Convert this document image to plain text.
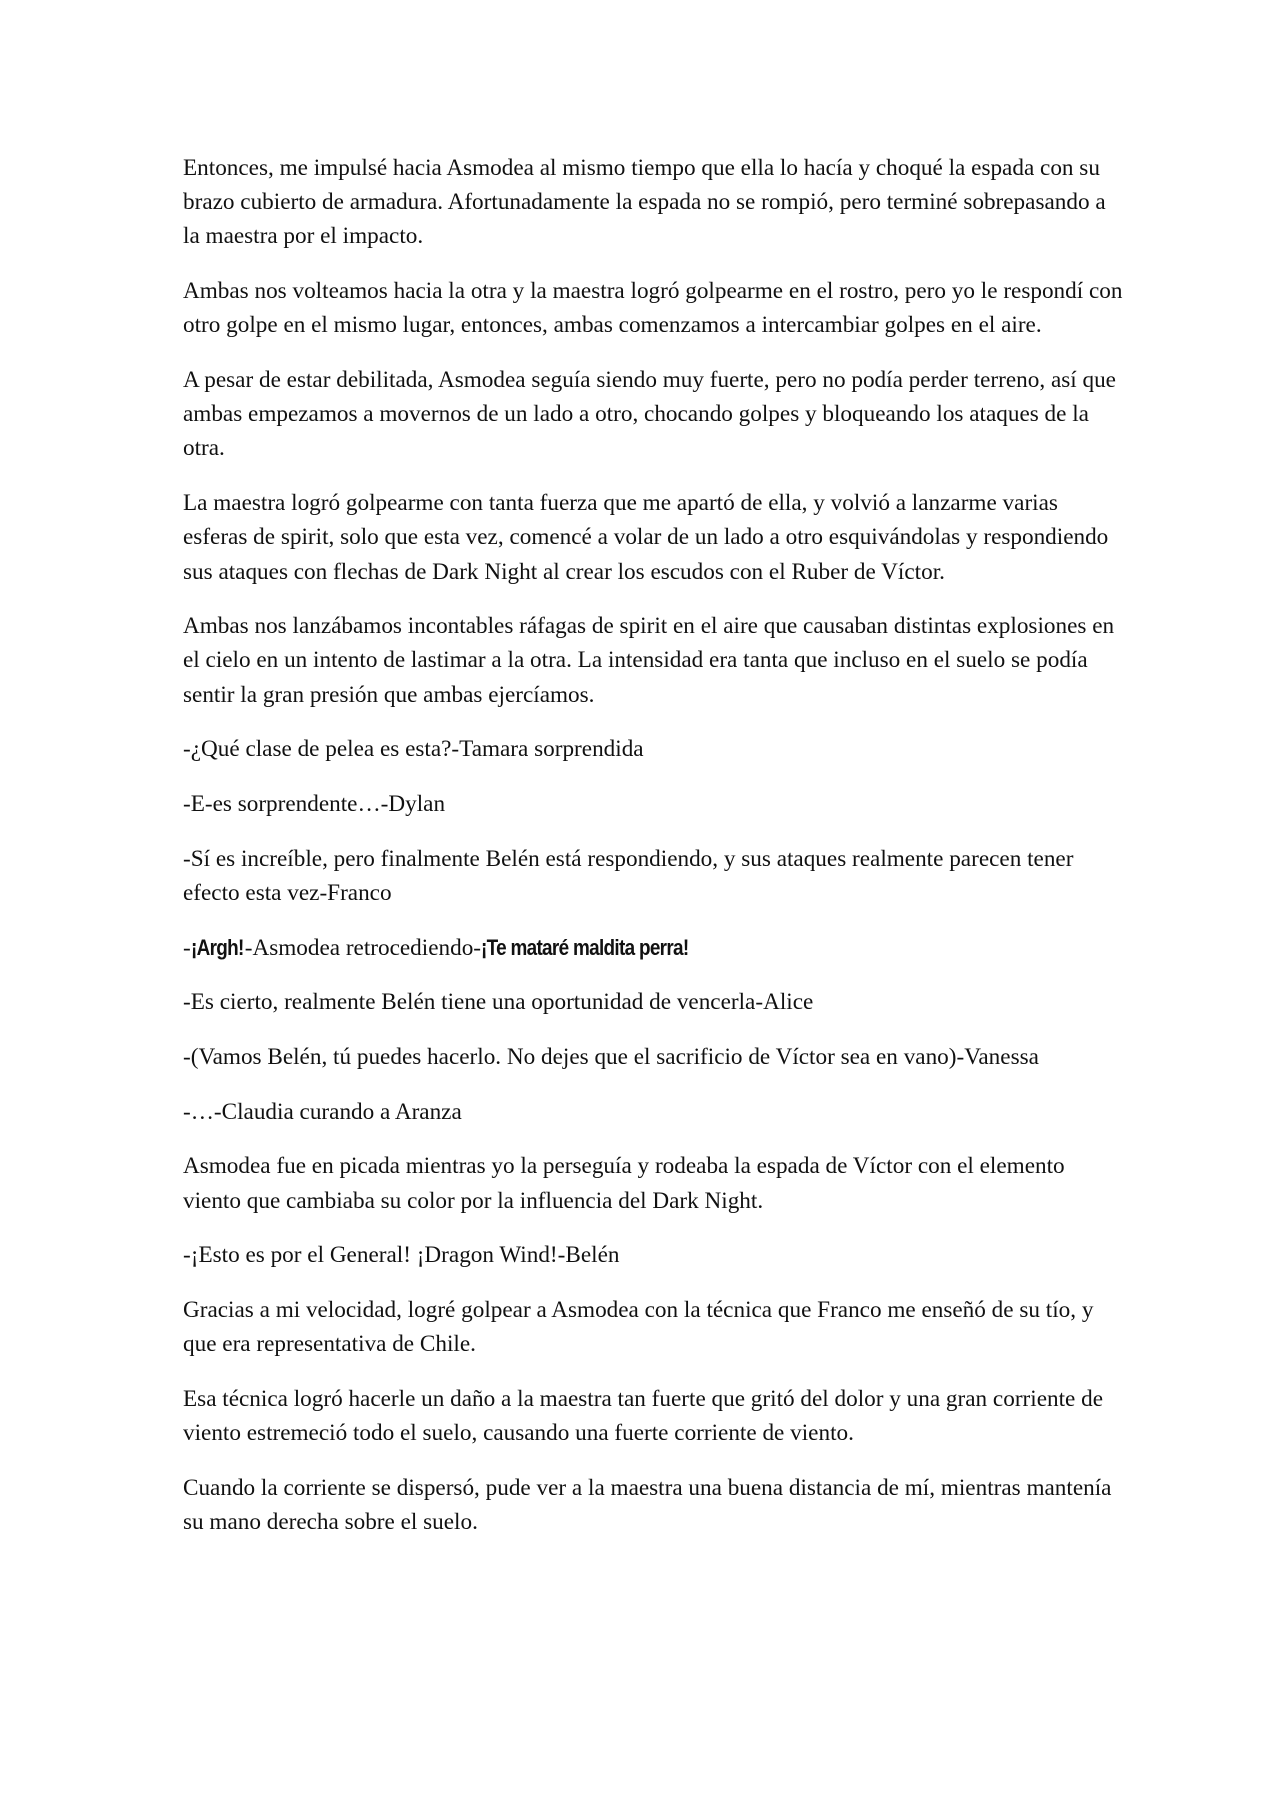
Entonces, me impulsé hacia Asmodea al mismo tiempo que ella lo hacía y choqué la espada con su brazo cubierto de armadura. Afortunadamente la espada no se rompió, pero terminé sobrepasando a la maestra por el impacto.

Ambas nos volteamos hacia la otra y la maestra logró golpearme en el rostro, pero yo le respondí con otro golpe en el mismo lugar, entonces, ambas comenzamos a intercambiar golpes en el aire.

A pesar de estar debilitada, Asmodea seguía siendo muy fuerte, pero no podía perder terreno, así que ambas empezamos a movernos de un lado a otro, chocando golpes y bloqueando los ataques de la otra.

La maestra logró golpearme con tanta fuerza que me apartó de ella, y volvió a lanzarme varias esferas de spirit, solo que esta vez, comencé a volar de un lado a otro esquivándolas y respondiendo sus ataques con flechas de Dark Night al crear los escudos con el Ruber de Víctor.

Ambas nos lanzábamos incontables ráfagas de spirit en el aire que causaban distintas explosiones en el cielo en un intento de lastimar a la otra. La intensidad era tanta que incluso en el suelo se podía sentir la gran presión que ambas ejercíamos.

-¿Qué clase de pelea es esta?-Tamara sorprendida

-E-es sorprendente…-Dylan

-Sí es increíble, pero finalmente Belén está respondiendo, y sus ataques realmente parecen tener efecto esta vez-Franco

-¡Argh!-Asmodea retrocediendo-¡Te mataré maldita perra!

-Es cierto, realmente Belén tiene una oportunidad de vencerla-Alice

-(Vamos Belén, tú puedes hacerlo. No dejes que el sacrificio de Víctor sea en vano)-Vanessa

-…-Claudia curando a Aranza

Asmodea fue en picada mientras yo la perseguía y rodeaba la espada de Víctor con el elemento viento que cambiaba su color por la influencia del Dark Night.

-¡Esto es por el General! ¡Dragon Wind!-Belén

Gracias a mi velocidad, logré golpear a Asmodea con la técnica que Franco me enseñó de su tío, y que era representativa de Chile.

Esa técnica logró hacerle un daño a la maestra tan fuerte que gritó del dolor y una gran corriente de viento estremeció todo el suelo, causando una fuerte corriente de viento.

Cuando la corriente se dispersó, pude ver a la maestra una buena distancia de mí, mientras mantenía su mano derecha sobre el suelo.
